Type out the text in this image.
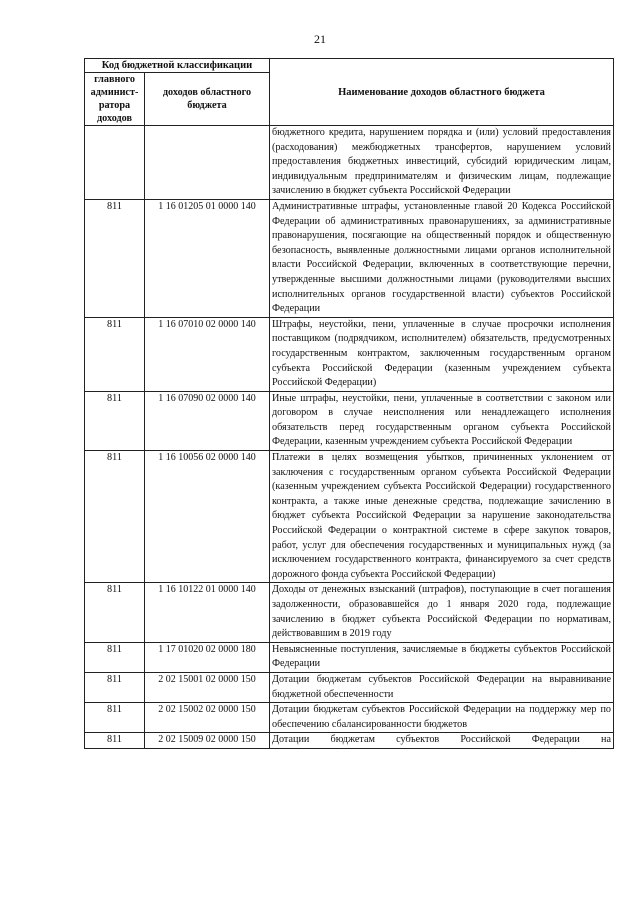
21
Код бюджетной классификации		Наименование доходов областного бюджета
главного админист-ратора доходов	доходов областного бюджета	
		бюджетного кредита, нарушением порядка и (или) условий предоставления (расходования) межбюджетных трансфертов, нарушением условий предоставления бюджетных инвестиций, субсидий юридическим лицам, индивидуальным предпринимателям и физическим лицам, подлежащие зачислению в бюджет субъекта Российской Федерации
811	1 16 01205 01 0000 140	Административные штрафы, установленные главой 20 Кодекса Российской Федерации об административных правонарушениях, за административные правонарушения, посягающие на общественный порядок и общественную безопасность, выявленные должностными лицами органов исполнительной власти Российской Федерации, включенных в соответствующие перечни, утвержденные высшими должностными лицами (руководителями высших исполнительных органов государственной власти) субъектов Российской Федерации
811	1 16 07010 02 0000 140	Штрафы, неустойки, пени, уплаченные в случае просрочки исполнения поставщиком (подрядчиком, исполнителем) обязательств, предусмотренных государственным контрактом, заключенным государственным органом субъекта Российской Федерации (казенным учреждением субъекта Российской Федерации)
811	1 16 07090 02 0000 140	Иные штрафы, неустойки, пени, уплаченные в соответствии с законом или договором в случае неисполнения или ненадлежащего исполнения обязательств перед государственным органом субъекта Российской Федерации, казенным учреждением субъекта Российской Федерации
811	1 16 10056 02 0000 140	Платежи в целях возмещения убытков, причиненных уклонением от заключения с государственным органом субъекта Российской Федерации (казенным учреждением субъекта Российской Федерации) государственного контракта, а также иные денежные средства, подлежащие зачислению в бюджет субъекта Российской Федерации за нарушение законодательства Российской Федерации о контрактной системе в сфере закупок товаров, работ, услуг для обеспечения государственных и муниципальных нужд (за исключением государственного контракта, финансируемого за счет средств дорожного фонда субъекта Российской Федерации)
811	1 16 10122 01 0000 140	Доходы от денежных взысканий (штрафов), поступающие в счет погашения задолженности, образовавшейся до 1 января 2020 года, подлежащие зачислению в бюджет субъекта Российской Федерации по нормативам, действовавшим в 2019 году
811	1 17 01020 02 0000 180	Невыясненные поступления, зачисляемые в бюджеты субъектов Российской Федерации
811	2 02 15001 02 0000 150	Дотации бюджетам субъектов Российской Федерации на выравнивание бюджетной обеспеченности
811	2 02 15002 02 0000 150	Дотации бюджетам субъектов Российской Федерации на поддержку мер по обеспечению сбалансированности бюджетов
811	2 02 15009 02 0000 150	Дотации бюджетам субъектов Российской Федерации на
